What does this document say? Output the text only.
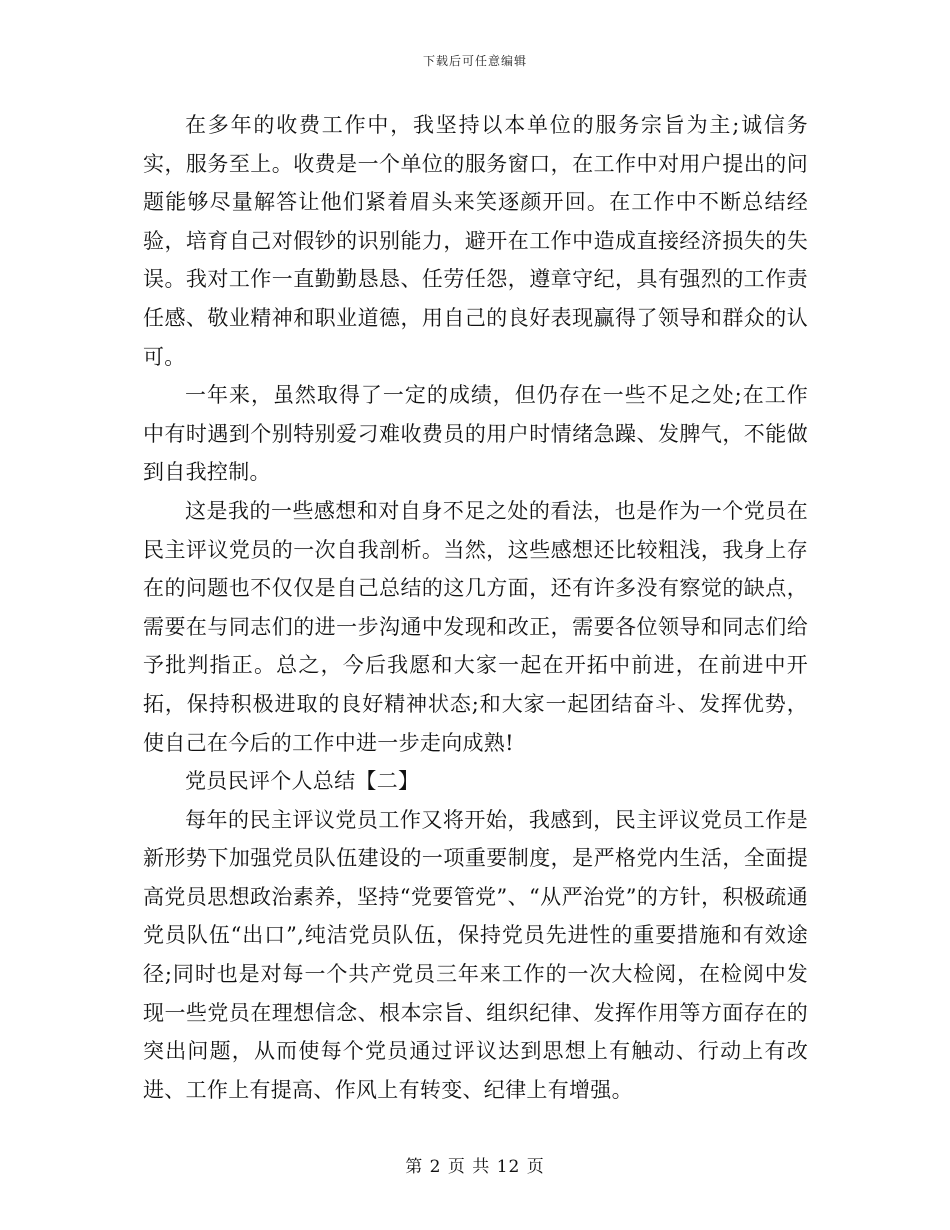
下载后可任意编辑

在多年的收费工作中，我坚持以本单位的服务宗旨为主;诚信务实，服务至上。收费是一个单位的服务窗口，在工作中对用户提出的问题能够尽量解答让他们紧着眉头来笑逐颜开回。在工作中不断总结经验，培育自己对假钞的识别能力，避开在工作中造成直接经济损失的失误。我对工作一直勤勤恳恳、任劳任怨，遵章守纪，具有强烈的工作责任感、敬业精神和职业道德，用自己的良好表现赢得了领导和群众的认可。

一年来，虽然取得了一定的成绩，但仍存在一些不足之处;在工作中有时遇到个别特别爱刁难收费员的用户时情绪急躁、发脾气，不能做到自我控制。

这是我的一些感想和对自身不足之处的看法，也是作为一个党员在民主评议党员的一次自我剖析。当然，这些感想还比较粗浅，我身上存在的问题也不仅仅是自己总结的这几方面，还有许多没有察觉的缺点，需要在与同志们的进一步沟通中发现和改正，需要各位领导和同志们给予批判指正。总之，今后我愿和大家一起在开拓中前进，在前进中开拓，保持积极进取的良好精神状态;和大家一起团结奋斗、发挥优势，使自己在今后的工作中进一步走向成熟!

党员民评个人总结【二】

每年的民主评议党员工作又将开始，我感到，民主评议党员工作是新形势下加强党员队伍建设的一项重要制度，是严格党内生活，全面提高党员思想政治素养，坚持“党要管党”、“从严治党”的方针，积极疏通党员队伍“出口”,纯洁党员队伍，保持党员先进性的重要措施和有效途径;同时也是对每一个共产党员三年来工作的一次大检阅，在检阅中发现一些党员在理想信念、根本宗旨、组织纪律、发挥作用等方面存在的突出问题，从而使每个党员通过评议达到思想上有触动、行动上有改进、工作上有提高、作风上有转变、纪律上有增强。

第 2 页 共 12 页
